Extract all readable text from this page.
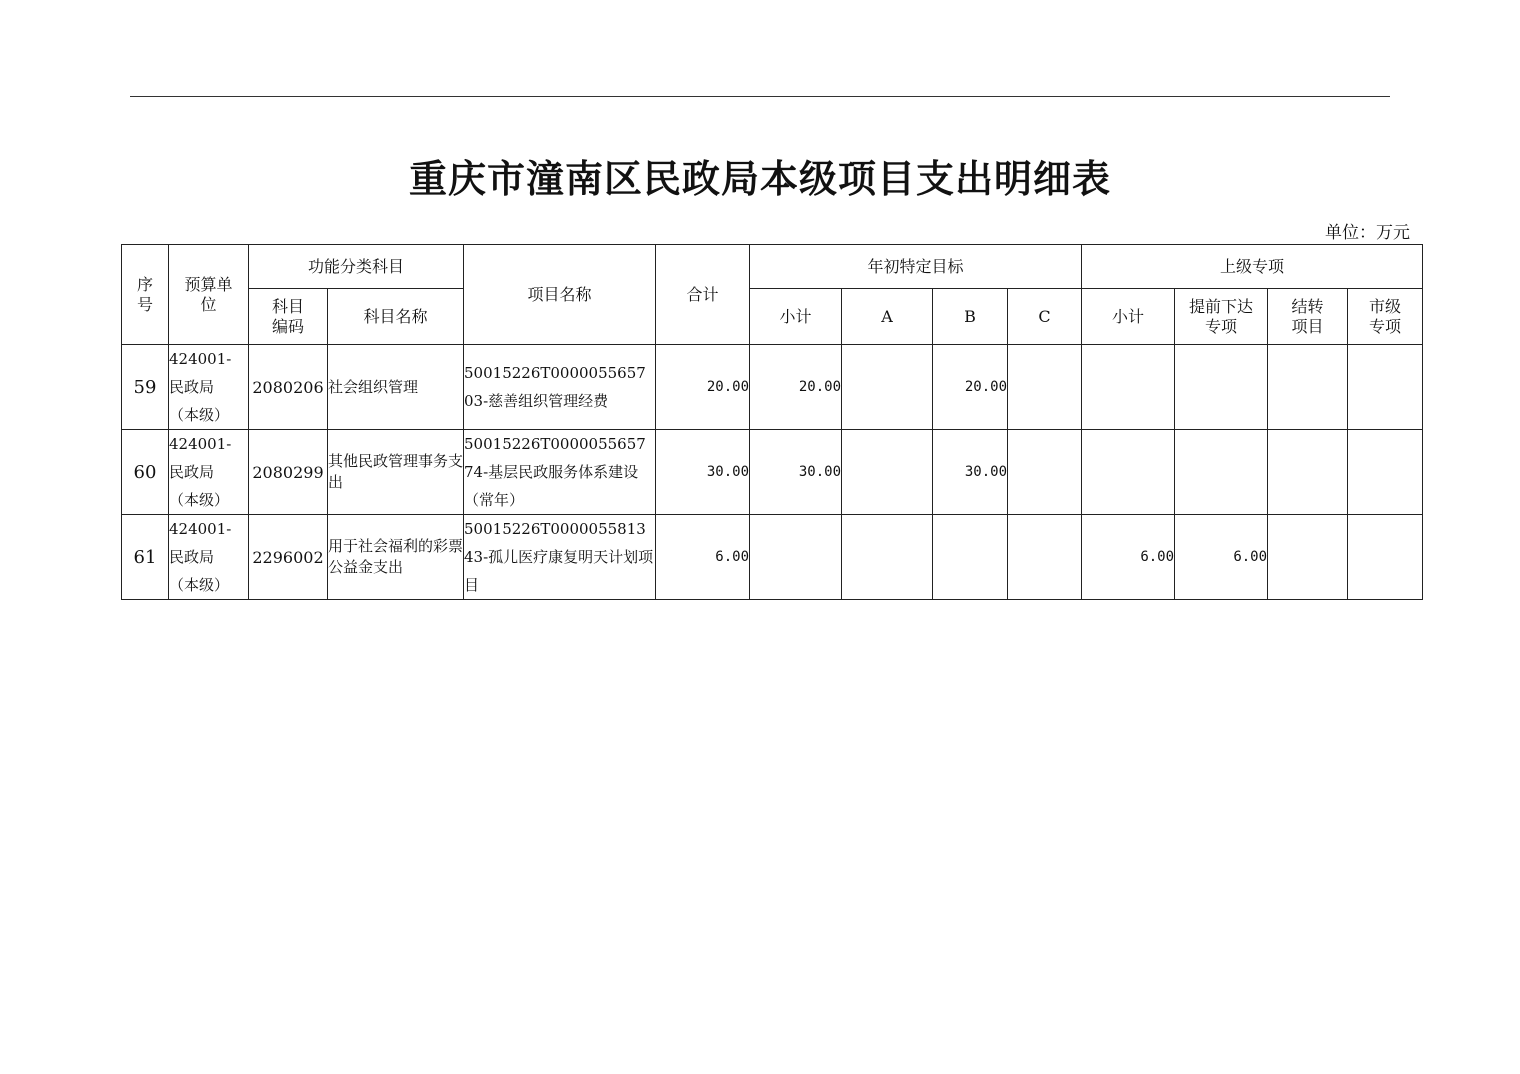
重庆市潼南区民政局本级项目支出明细表
单位：万元
序号	预算单位	功能分类科目		项目名称	合计	年初特定目标				上级专项			

		科目编码	科目名称			小计	A	B	C	小计	提前下达专项	结转项目	市级专项

59	424001-
民政局
（本级）	2080206	社会组织管理	50015226T000005565703-慈善组织管理经费	20.00	20.00		20.00					
60	424001-
民政局
（本级）	2080299	其他民政管理事务支出	50015226T000005565774-基层民政服务体系建设（常年）	30.00	30.00		30.00					
61	424001-
民政局
（本级）	2296002	用于社会福利的彩票公益金支出	50015226T000005581343-孤儿医疗康复明天计划项目	6.00					6.00	6.00		
